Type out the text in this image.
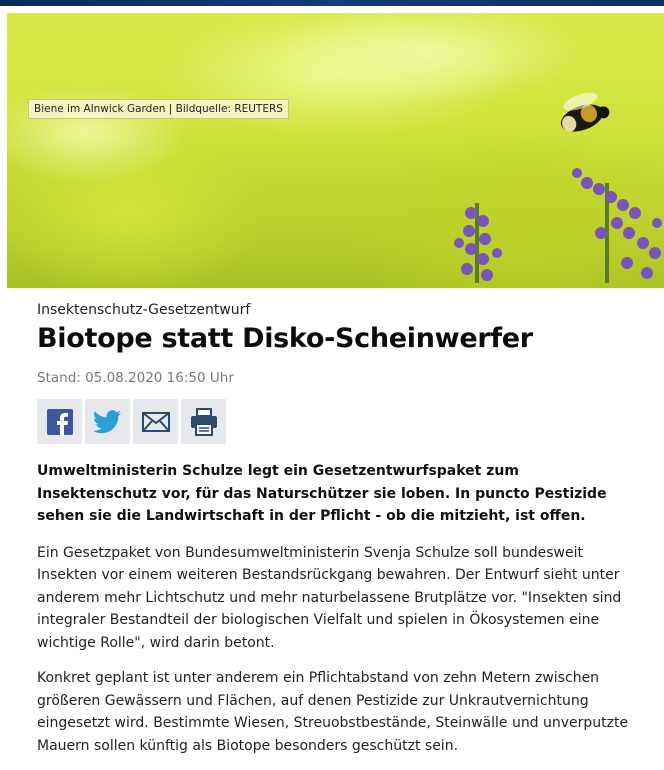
Biene im Alnwick Garden | Bildquelle: REUTERS
Insektenschutz-Gesetzentwurf
Biotope statt Disko-Scheinwerfer
Stand: 05.08.2020 16:50 Uhr

Umweltministerin Schulze legt ein Gesetzentwurfspaket zum Insektenschutz vor, für das Naturschützer sie loben. In puncto Pestizide sehen sie die Landwirtschaft in der Pflicht - ob die mitzieht, ist offen.

Ein Gesetzpaket von Bundesumweltministerin Svenja Schulze soll bundesweit Insekten vor einem weiteren Bestandsrückgang bewahren. Der Entwurf sieht unter anderem mehr Lichtschutz und mehr naturbelassene Brutplätze vor. "Insekten sind integraler Bestandteil der biologischen Vielfalt und spielen in Ökosystemen eine wichtige Rolle", wird darin betont.

Konkret geplant ist unter anderem ein Pflichtabstand von zehn Metern zwischen größeren Gewässern und Flächen, auf denen Pestizide zur Unkrautvernichtung eingesetzt wird. Bestimmte Wiesen, Streuobstbestände, Steinwälle und unverputzte Mauern sollen künftig als Biotope besonders geschützt sein.
